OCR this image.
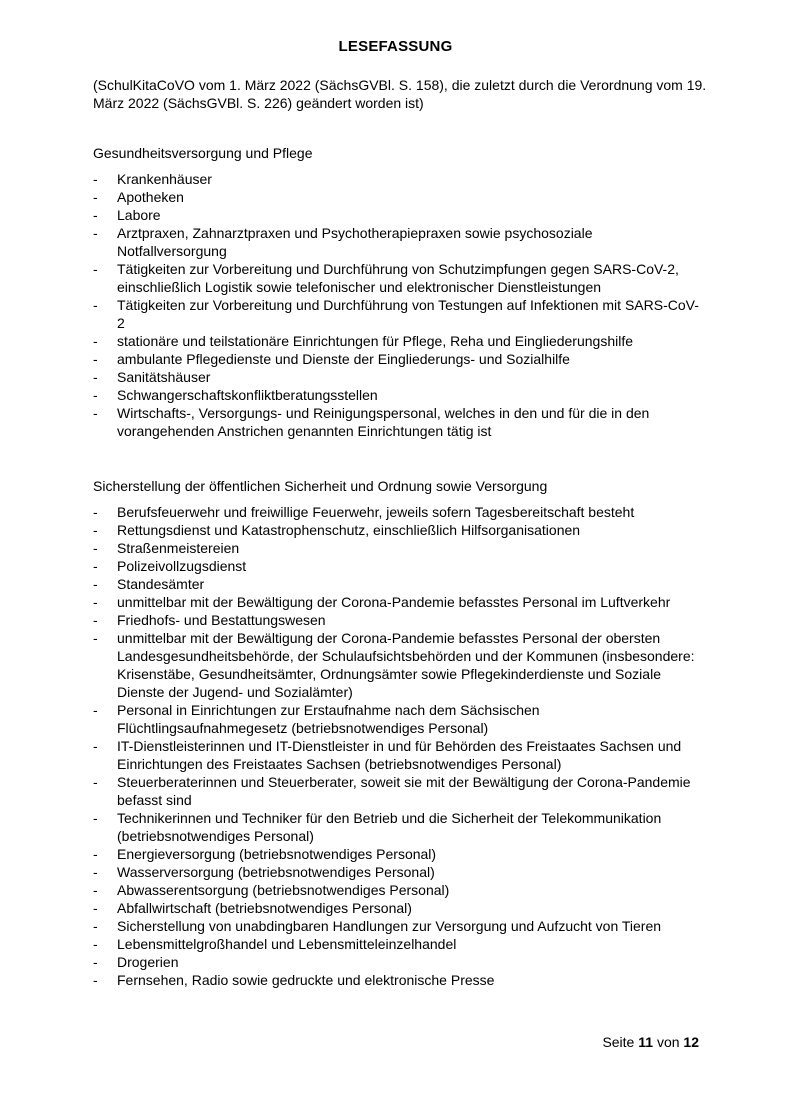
LESEFASSUNG
(SchulKitaCoVO vom 1. März 2022 (SächsGVBl. S. 158), die zuletzt durch die Verordnung vom 19. März 2022 (SächsGVBl. S. 226) geändert worden ist)
Gesundheitsversorgung und Pflege
- Krankenhäuser
- Apotheken
- Labore
- Arztpraxen, Zahnarztpraxen und Psychotherapiepraxen sowie psychosoziale Notfallversorgung
- Tätigkeiten zur Vorbereitung und Durchführung von Schutzimpfungen gegen SARS-CoV-2, einschließlich Logistik sowie telefonischer und elektronischer Dienstleistungen
- Tätigkeiten zur Vorbereitung und Durchführung von Testungen auf Infektionen mit SARS-CoV-2
- stationäre und teilstationäre Einrichtungen für Pflege, Reha und Eingliederungshilfe
- ambulante Pflegedienste und Dienste der Eingliederungs- und Sozialhilfe
- Sanitätshäuser
- Schwangerschaftskonfliktberatungsstellen
- Wirtschafts-, Versorgungs- und Reinigungspersonal, welches in den und für die in den vorangehenden Anstrichen genannten Einrichtungen tätig ist
Sicherstellung der öffentlichen Sicherheit und Ordnung sowie Versorgung
- Berufsfeuerwehr und freiwillige Feuerwehr, jeweils sofern Tagesbereitschaft besteht
- Rettungsdienst und Katastrophenschutz, einschließlich Hilfsorganisationen
- Straßenmeistereien
- Polizeivollzugsdienst
- Standesämter
- unmittelbar mit der Bewältigung der Corona-Pandemie befasstes Personal im Luftverkehr
- Friedhofs- und Bestattungswesen
- unmittelbar mit der Bewältigung der Corona-Pandemie befasstes Personal der obersten Landesgesundheitsbehörde, der Schulaufsichtsbehörden und der Kommunen (insbesondere: Krisenstäbe, Gesundheitsämter, Ordnungsämter sowie Pflegekinderdienste und Soziale Dienste der Jugend- und Sozialämter)
- Personal in Einrichtungen zur Erstaufnahme nach dem Sächsischen Flüchtlingsaufnahmegesetz (betriebsnotwendiges Personal)
- IT-Dienstleisterinnen und IT-Dienstleister in und für Behörden des Freistaates Sachsen und Einrichtungen des Freistaates Sachsen (betriebsnotwendiges Personal)
- Steuerberaterinnen und Steuerberater, soweit sie mit der Bewältigung der Corona-Pandemie befasst sind
- Technikerinnen und Techniker für den Betrieb und die Sicherheit der Telekommunikation (betriebsnotwendiges Personal)
- Energieversorgung (betriebsnotwendiges Personal)
- Wasserversorgung (betriebsnotwendiges Personal)
- Abwasserentsorgung (betriebsnotwendiges Personal)
- Abfallwirtschaft (betriebsnotwendiges Personal)
- Sicherstellung von unabdingbaren Handlungen zur Versorgung und Aufzucht von Tieren
- Lebensmittelgroßhandel und Lebensmitteleinzelhandel
- Drogerien
- Fernsehen, Radio sowie gedruckte und elektronische Presse
Seite 11 von 12
